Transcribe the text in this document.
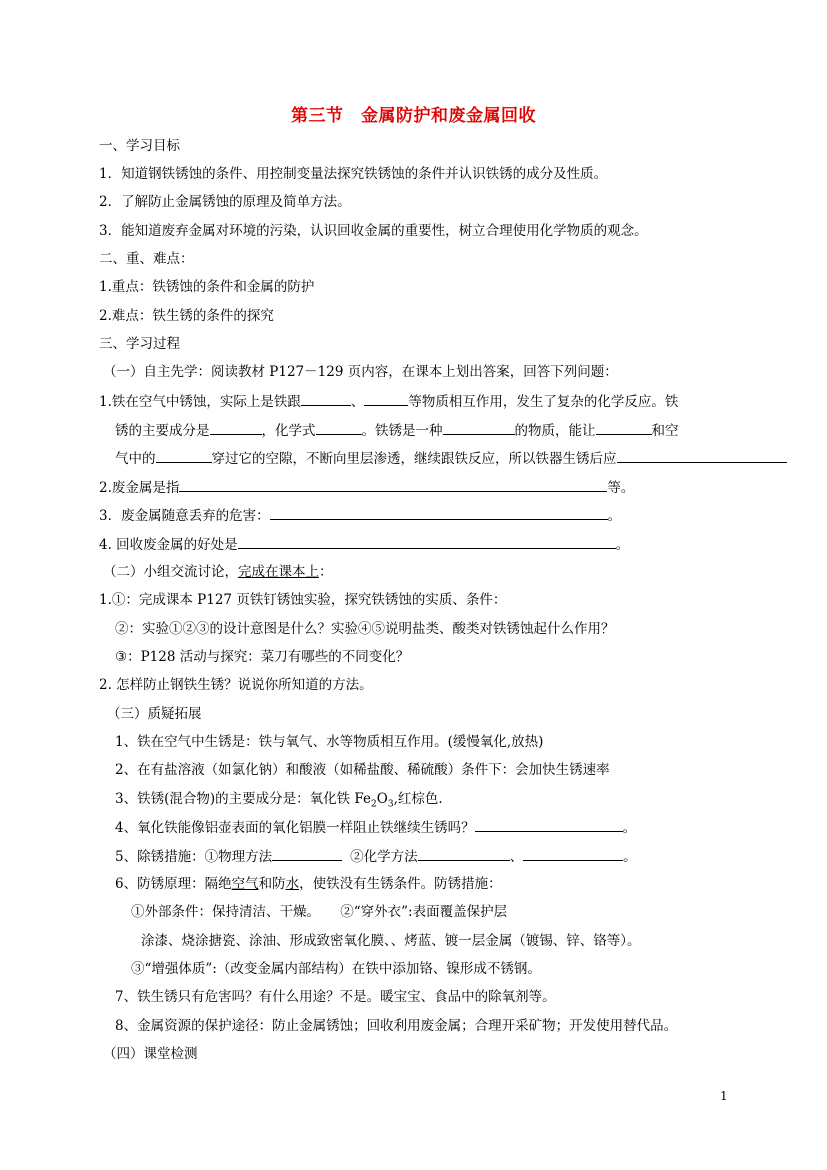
第三节　金属防护和废金属回收
一、学习目标
1．知道钢铁锈蚀的条件、用控制变量法探究铁锈蚀的条件并认识铁锈的成分及性质。
2．了解防止金属锈蚀的原理及简单方法。
3．能知道废弃金属对环境的污染，认识回收金属的重要性，树立合理使用化学物质的观念。
二、重、难点：
1.重点：铁锈蚀的条件和金属的防护
2.难点：铁生锈的条件的探究
三、学习过程
（一）自主先学：阅读教材 P127－129 页内容，在课本上划出答案，回答下列问题：
1.铁在空气中锈蚀，实际上是铁跟	、	等物质相互作用，发生了复杂的化学反应。铁
锈的主要成分是	，化学式	。铁锈是一种	的物质，能让	和空
气中的	穿过它的空隙，不断向里层渗透，继续跟铁反应，所以铁器生锈后应
2.废金属是指	等。
3．废金属随意丢弃的危害：	。
4. 回收废金属的好处是	。
（二）小组交流讨论，完成在课本上：
1.①：完成课本 P127 页铁钉锈蚀实验，探究铁锈蚀的实质、条件：
②：实验①②③的设计意图是什么？实验④⑤说明盐类、酸类对铁锈蚀起什么作用？
③：P128 活动与探究：菜刀有哪些的不同变化？
2. 怎样防止钢铁生锈？说说你所知道的方法。
（三）质疑拓展
1、铁在空气中生锈是：铁与氧气、水等物质相互作用。(缓慢氧化,放热)
2、在有盐溶液（如氯化钠）和酸液（如稀盐酸、稀硫酸）条件下：会加快生锈速率
3、铁锈(混合物)的主要成分是：氧化铁 $Fe_2O_3$,红棕色.
4、氧化铁能像铝壶表面的氧化铝膜一样阻止铁继续生锈吗？	。
5、除锈措施：①物理方法	②化学方法	、	。
6、防锈原理：隔绝空气和防水，使铁没有生锈条件。防锈措施：
①外部条件：保持清洁、干燥。　　②“穿外衣”:表面覆盖保护层
涂漆、烧涂搪瓷、涂油、形成致密氧化膜、、烤蓝、镀一层金属（镀锡、锌、铬等）。
③“增强体质”:（改变金属内部结构）在铁中添加铬、镍形成不锈钢。
7、铁生锈只有危害吗？有什么用途？不是。暖宝宝、食品中的除氧剂等。
8、金属资源的保护途径：防止金属锈蚀；回收利用废金属；合理开采矿物；开发使用替代品。
（四）课堂检测
1
